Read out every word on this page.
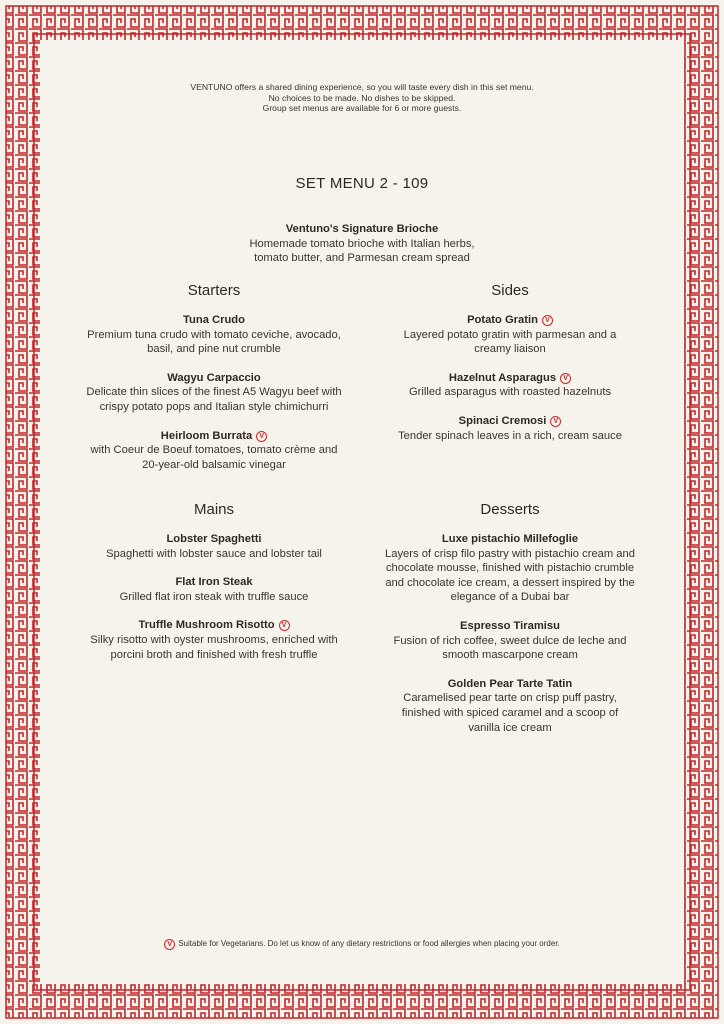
VENTUNO offers a shared dining experience, so you will taste every dish in this set menu.
No choices to be made. No dishes to be skipped.
Group set menus are available for 6 or more guests.
SET MENU 2 - 109
Ventuno's Signature Brioche
Homemade tomato brioche with Italian herbs,
tomato butter, and Parmesan cream spread
Starters
Tuna Crudo
Premium tuna crudo with tomato ceviche, avocado,
basil, and pine nut crumble
Wagyu Carpaccio
Delicate thin slices of the finest A5 Wagyu beef with
crispy potato pops and Italian style chimichurri
Heirloom Burrata V
with Coeur de Boeuf tomatoes, tomato crème and
20-year-old balsamic vinegar
Sides
Potato Gratin V
Layered potato gratin with parmesan and a
creamy liaison
Hazelnut Asparagus V
Grilled asparagus with roasted hazelnuts
Spinaci Cremosi V
Tender spinach leaves in a rich, cream sauce
Mains
Lobster Spaghetti
Spaghetti with lobster sauce and lobster tail
Flat Iron Steak
Grilled flat iron steak with truffle sauce
Truffle Mushroom Risotto V
Silky risotto with oyster mushrooms, enriched with
porcini broth and finished with fresh truffle
Desserts
Luxe pistachio Millefoglie
Layers of crisp filo pastry with pistachio cream and
chocolate mousse, finished with pistachio crumble
and chocolate ice cream, a dessert inspired by the
elegance of a Dubai bar
Espresso Tiramisu
Fusion of rich coffee, sweet dulce de leche and
smooth mascarpone cream
Golden Pear Tarte Tatin
Caramelised pear tarte on crisp puff pastry,
finished with spiced caramel and a scoop of
vanilla ice cream
V Suitable for Vegetarians. Do let us know of any dietary restrictions or food allergies when placing your order.
